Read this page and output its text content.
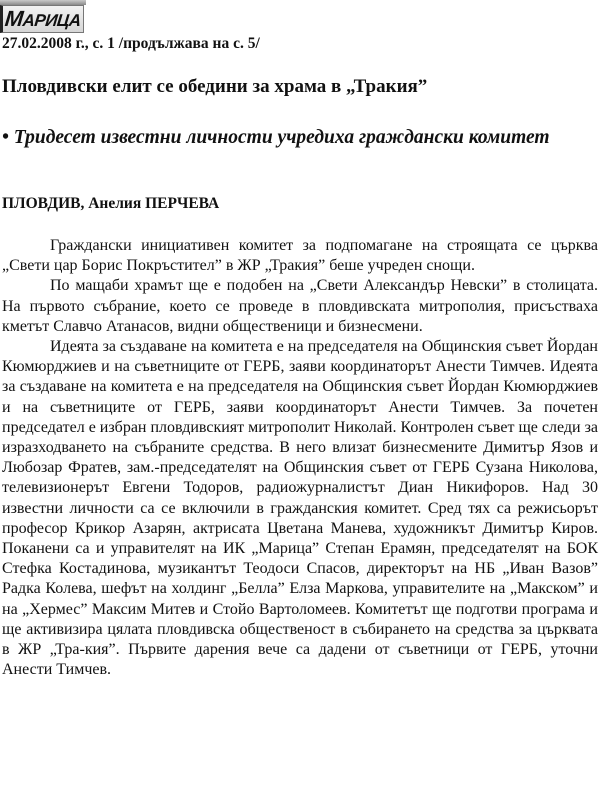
МАРИЦА
27.02.2008 г., с. 1 /продължава на с. 5/
Пловдивски елит се обедини за храма в „Тракия”
• Тридесет известни личности учредиха граждански комитет
ПЛОВДИВ, Анелия ПЕРЧЕВА

Граждански инициативен комитет за подпомагане на строящата се църква „Свети цар Борис Покръстител” в ЖР „Тракия” беше учреден снощи.

По мащаби храмът ще е подобен на „Свети Александър Невски” в столицата. На първото събрание, което се проведе в пловдивската митрополия, присъстваха кметът Славчо Атанасов, видни общественици и бизнесмени.

Идеята за създаване на комитета е на председателя на Общинския съвет Йордан Кюмюрджиев и на съветниците от ГЕРБ, заяви координаторът Анести Тимчев. Идеята за създаване на комитета е на председателя на Общинския съвет Йордан Кюмюрджиев и на съветниците от ГЕРБ, заяви координаторът Анести Тимчев. За почетен председател е избран пловдивският митрополит Николай. Контролен съвет ще следи за изразходването на събраните средства. В него влизат бизнесмените Димитър Язов и Любозар Фратев, зам.-председателят на Общинския съвет от ГЕРБ Сузана Николова, телевизионерът Евгени Тодоров, радиожурналистът Диан Никифоров. Над 30 известни личности са се включили в гражданския комитет. Сред тях са режисьорът професор Крикор Азарян, актрисата Цветана Манева, художникът Димитър Киров. Поканени са и управителят на ИК „Марица” Степан Ерамян, председателят на БОК Стефка Костадинова, музикантът Теодоси Спасов, директорът на НБ „Иван Вазов” Радка Колева, шефът на холдинг „Белла” Елза Маркова, управителите на „Макском” и на „Хермес” Максим Митев и Стойо Вартоломеев. Комитетът ще подготви програма и ще активизира цялата пловдивска общественост в събирането на средства за църквата в ЖР „Тра-кия”. Първите дарения вече са дадени от съветници от ГЕРБ, уточни Анести Тимчев.
